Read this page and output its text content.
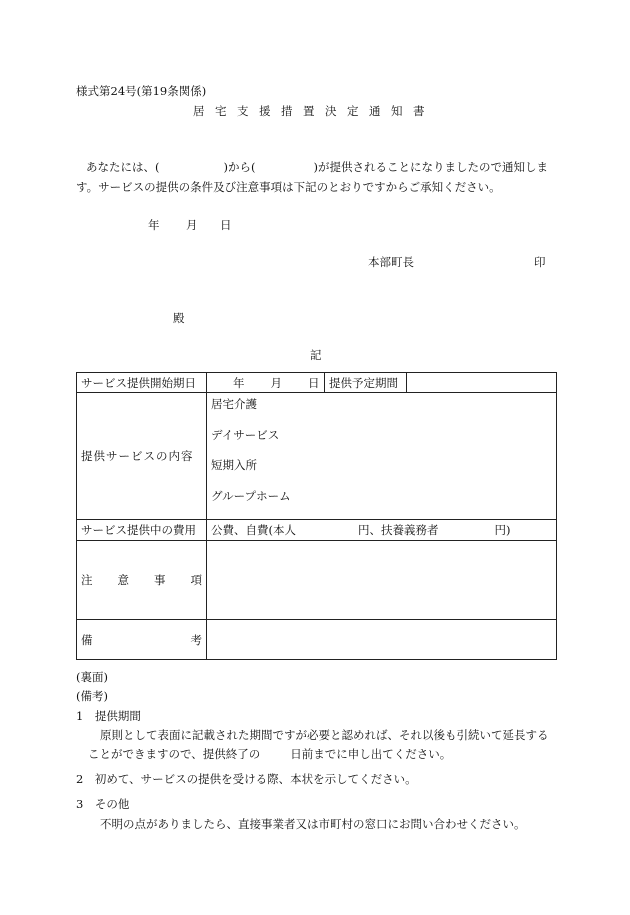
様式第24号(第19条関係)
居宅支援措置決定通知書
あなたには、(	)から(	)が提供されることになりましたので通知しま
す。サービスの提供の条件及び注意事項は下記のとおりですからご承知ください。
年 月 日
本部町長	印
殿
記
サービス提供開始期日	年 月 日	提供予定期間	
提供サービスの内容	居宅介護
デイサービス
短期入所
グループホーム		

サービス提供中の費用	公費、自費(本人 円、扶養義務者 円)		

注 意 事 項			

備 考			

(裏面)
(備考)
1　提供期間
原則として表面に記載された期間ですが必要と認めれば、それ以後も引続いて延長する
ことができますので、提供終了の	日前までに申し出てください。
2　初めて、サービスの提供を受ける際、本状を示してください。
3　その他
不明の点がありましたら、直接事業者又は市町村の窓口にお問い合わせください。
